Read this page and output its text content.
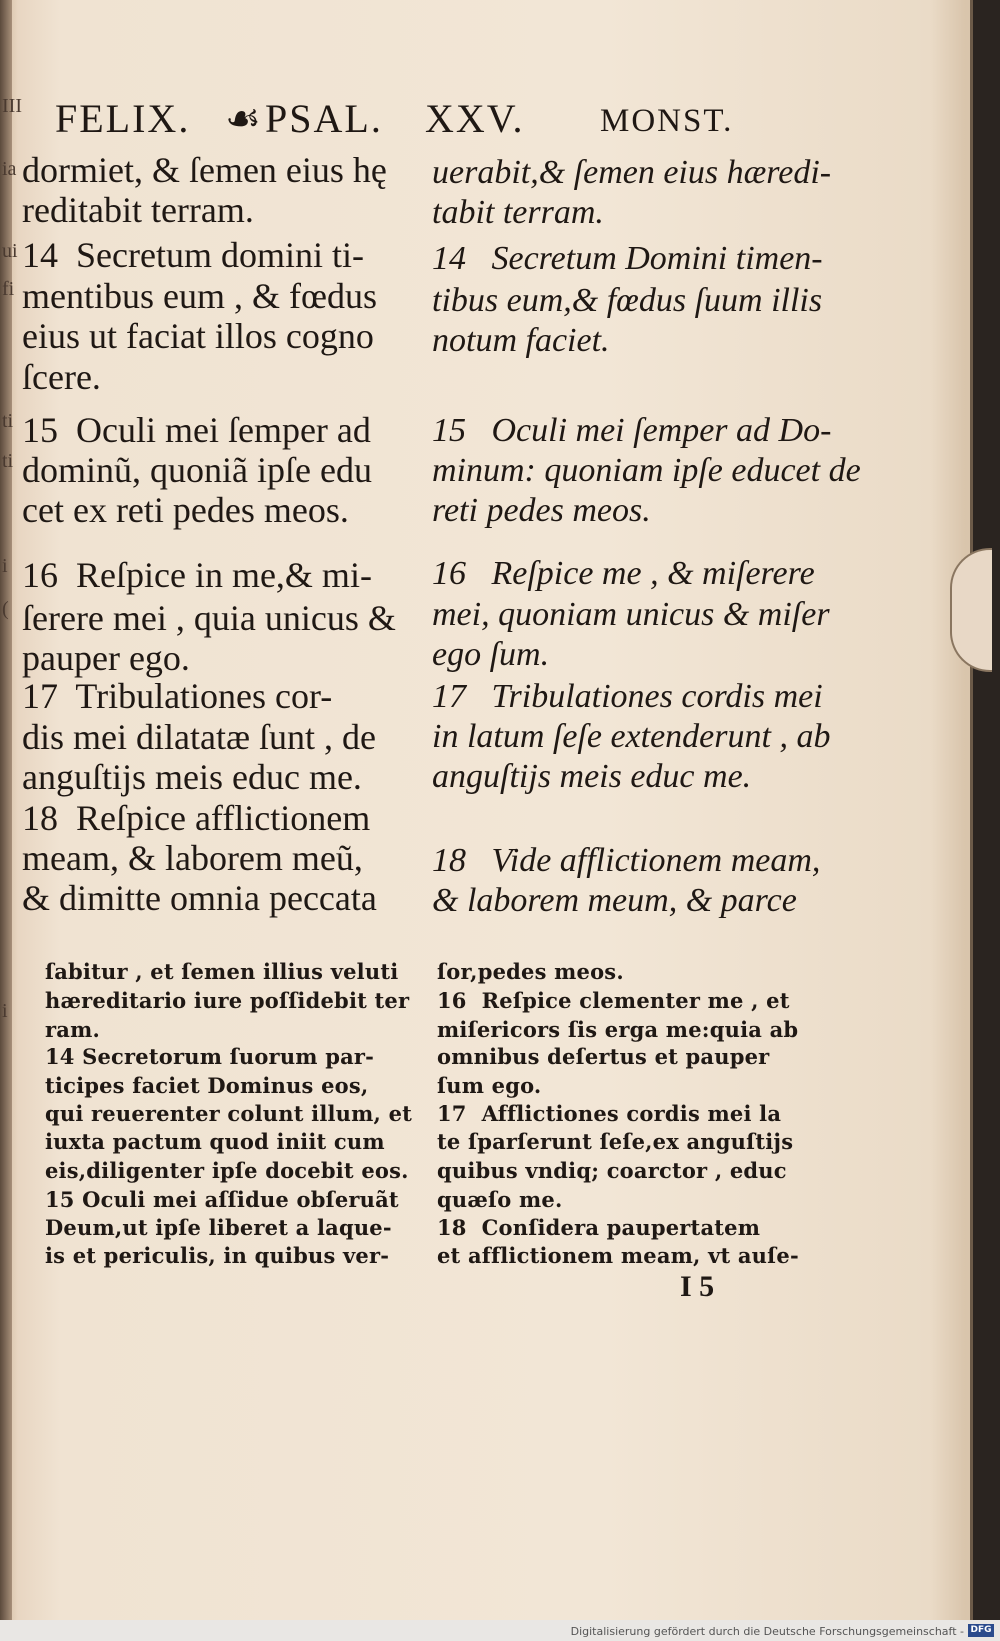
FELIX. ☙ PSAL. XXV. MONST.
III
ia
ui
fi
ti
ti
i
(
i
dormiet, & ſemen eius hę
reditabit terram.
14  Secretum domini ti-
mentibus eum , & fœdus
eius ut faciat illos cogno
ſcere.
15  Oculi mei ſemper ad
dominũ, quoniã ipſe edu
cet ex reti pedes meos.
16  Reſpice in me,& mi-
ſerere mei , quia unicus &
pauper ego.
17  Tribulationes cor-
dis mei dilatatæ ſunt , de
anguſtijs meis educ me.
18  Reſpice afflictionem
meam, & laborem meũ,
& dimitte omnia peccata
uerabit,& ſemen eius hæredi-
tabit terram.
14   Secretum Domini timen-
tibus eum,& fœdus ſuum illis
notum faciet.
15   Oculi mei ſemper ad Do-
minum: quoniam ipſe educet de
reti pedes meos.
16   Reſpice me , & miſerere
mei, quoniam unicus & miſer
ego ſum.
17   Tribulationes cordis mei
in latum ſeſe extenderunt , ab
anguſtijs meis educ me.
18   Vide afflictionem meam,
& laborem meum, & parce
ſabitur , et ſemen illius veluti
hæreditario iure poſſidebit ter
ram.
14 Secretorum ſuorum par-
ticipes faciet Dominus eos,
qui reuerenter colunt illum, et
iuxta pactum quod iniit cum
eis,diligenter ipſe docebit eos.
15 Oculi mei aſſidue obſeruãt
Deum,ut ipſe liberet a laque-
is et periculis, in quibus ver-
ſor,pedes meos.
16  Reſpice clementer me , et
miſericors ſis erga me:quia ab
omnibus deſertus et pauper
ſum ego.
17  Afflictiones cordis mei la
te ſparſerunt ſeſe,ex anguſtijs
quibus vndiq; coarctor , educ
quæſo me.
18  Conſidera paupertatem
et afflictionem meam, vt auſe-
I 5
Digitalisierung gefördert durch die Deutsche Forschungsgemeinschaft - DFG
